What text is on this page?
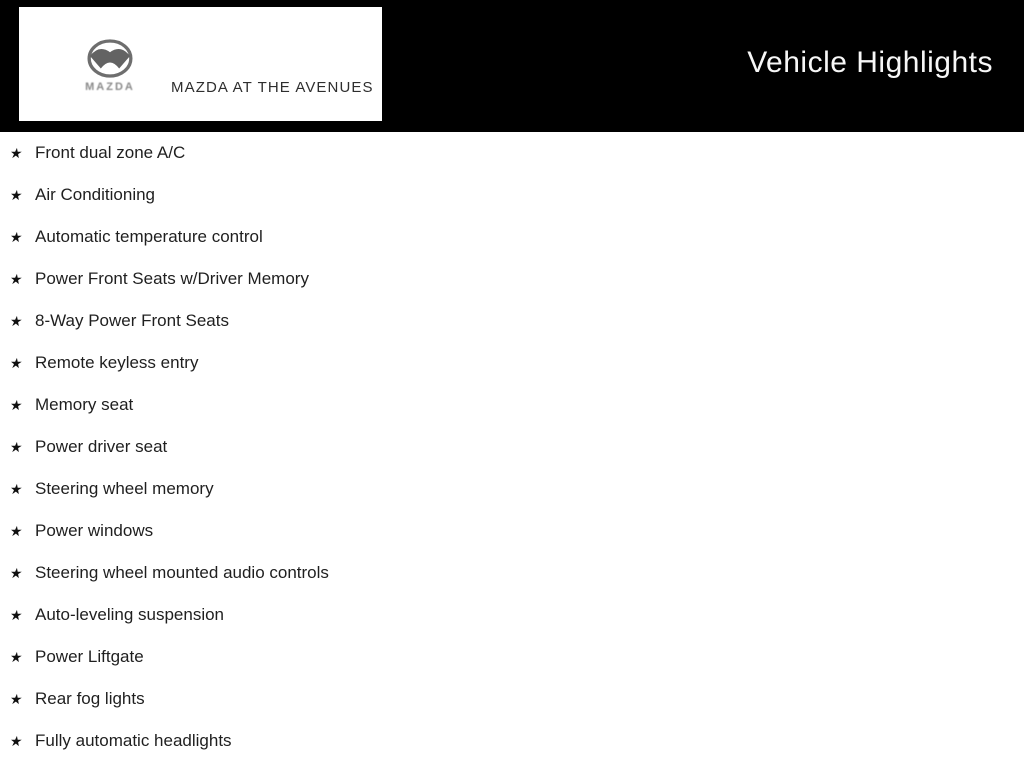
MAZDA	MAZDA AT THE AVENUES
Vehicle Highlights
★ Front dual zone A/C
★ Air Conditioning
★ Automatic temperature control
★ Power Front Seats w/Driver Memory
★ 8-Way Power Front Seats
★ Remote keyless entry
★ Memory seat
★ Power driver seat
★ Steering wheel memory
★ Power windows
★ Steering wheel mounted audio controls
★ Auto-leveling suspension
★ Power Liftgate
★ Rear fog lights
★ Fully automatic headlights
